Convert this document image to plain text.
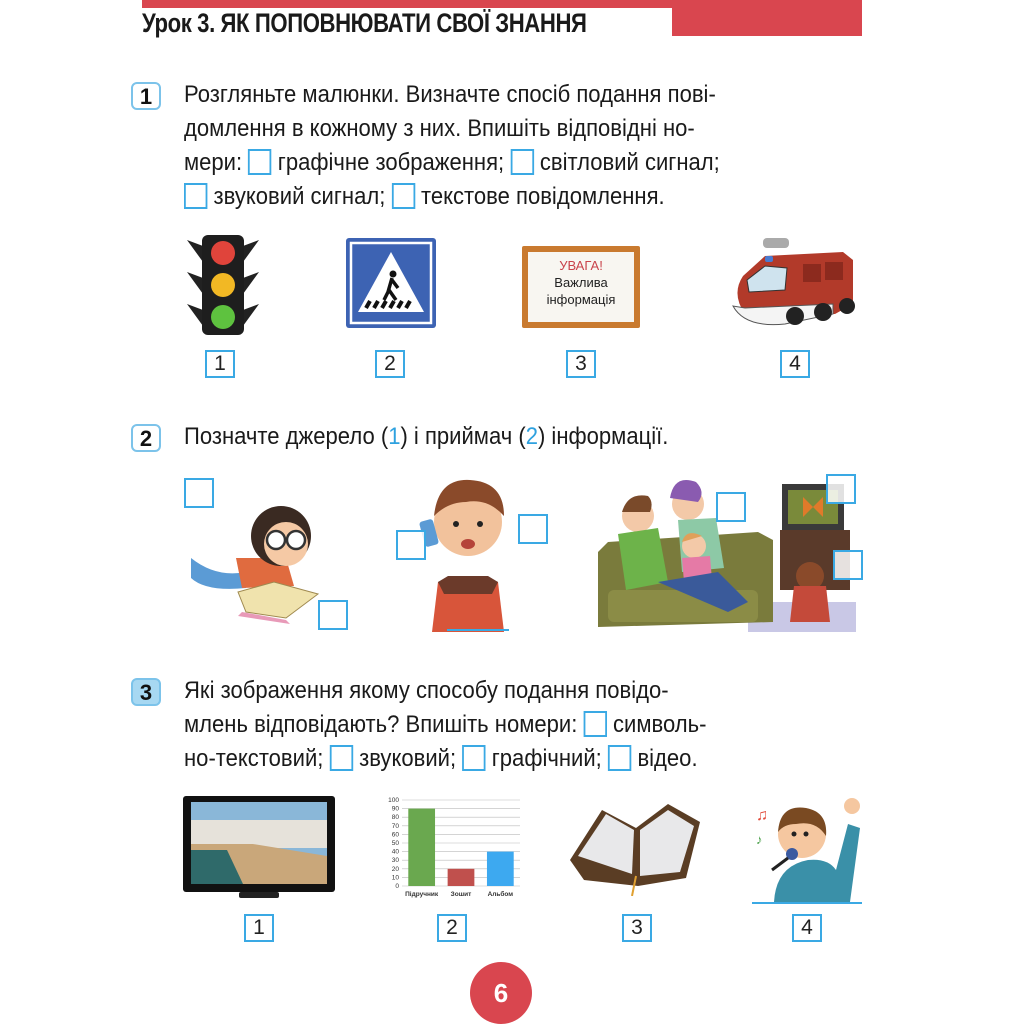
Урок 3. ЯК ПОПОВНЮВАТИ СВОЇ ЗНАННЯ
1	Розгляньте малюнки. Визначте спосіб подання пові-
домлення в кожному з них. Впишіть відповідні но-
мери: графічне зображення; світловий сигнал;
звуковий сигнал; текстове повідомлення.
УВАГА!
Важлива
інформація
1	2	3	4
2	Позначте джерело (1) і приймач (2) інформації.
3	Які зображення якому способу подання повідо-
млень відповідають? Впишіть номери: символь-
но-текстовий; звуковий; графічний; відео.
100
90
80
70
60
50
40
30
20
10
0
Підручник Зошит Альбом
♫
♪
1	2	3	4
6
